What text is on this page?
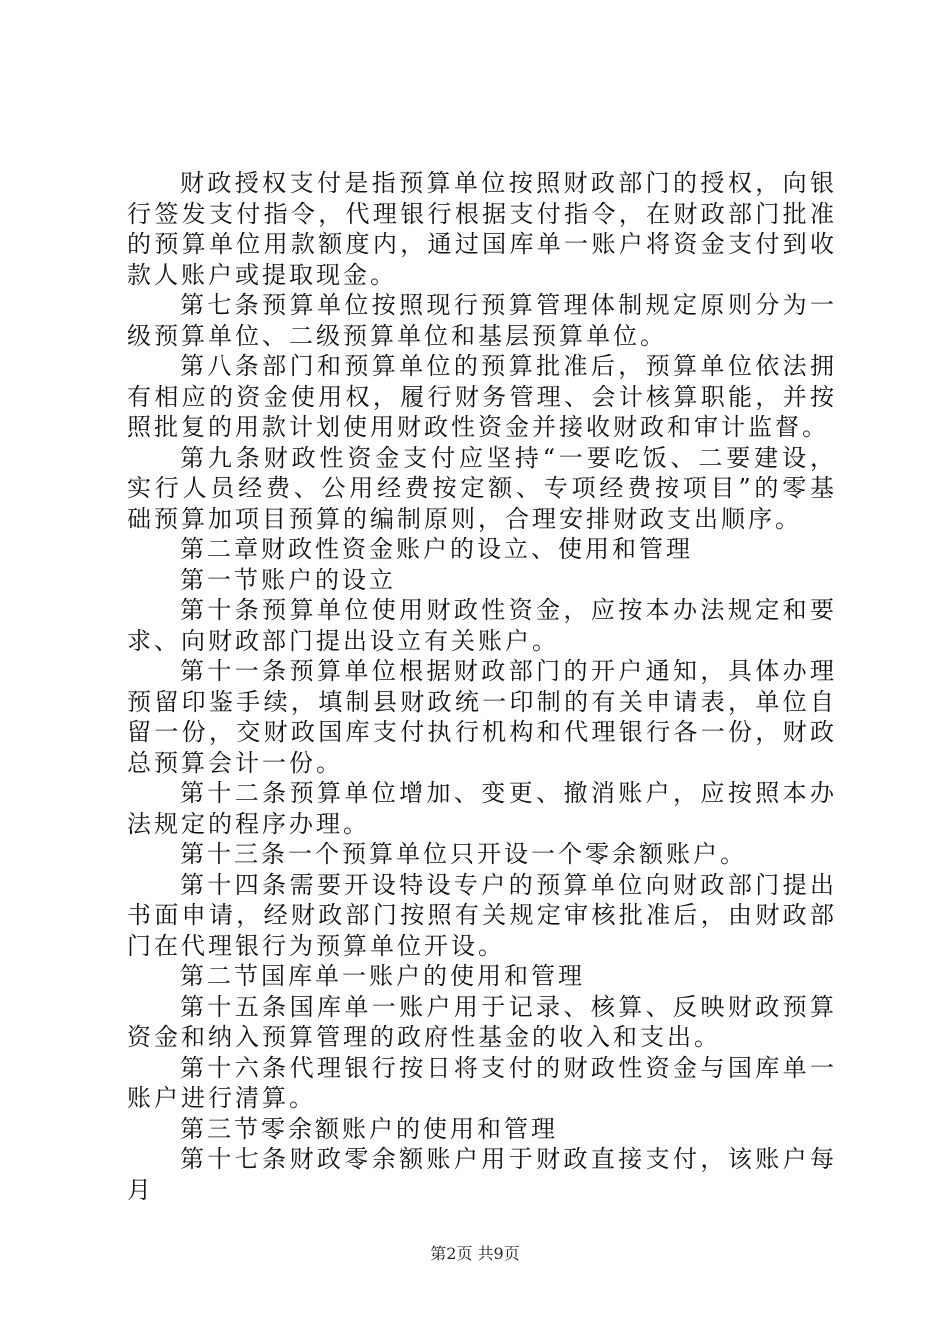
财政授权支付是指预算单位按照财政部门的授权，向银行签发支付指令，代理银行根据支付指令，在财政部门批准的预算单位用款额度内，通过国库单一账户将资金支付到收款人账户或提取现金。

第七条预算单位按照现行预算管理体制规定原则分为一级预算单位、二级预算单位和基层预算单位。

第八条部门和预算单位的预算批准后，预算单位依法拥有相应的资金使用权，履行财务管理、会计核算职能，并按照批复的用款计划使用财政性资金并接收财政和审计监督。

第九条财政性资金支付应坚持“一要吃饭、二要建设，实行人员经费、公用经费按定额、专项经费按项目”的零基础预算加项目预算的编制原则，合理安排财政支出顺序。

第二章财政性资金账户的设立、使用和管理

第一节账户的设立

第十条预算单位使用财政性资金，应按本办法规定和要求、向财政部门提出设立有关账户。

第十一条预算单位根据财政部门的开户通知，具体办理预留印鉴手续，填制县财政统一印制的有关申请表，单位自留一份，交财政国库支付执行机构和代理银行各一份，财政总预算会计一份。

第十二条预算单位增加、变更、撤消账户，应按照本办法规定的程序办理。

第十三条一个预算单位只开设一个零余额账户。

第十四条需要开设特设专户的预算单位向财政部门提出书面申请，经财政部门按照有关规定审核批准后，由财政部门在代理银行为预算单位开设。

第二节国库单一账户的使用和管理

第十五条国库单一账户用于记录、核算、反映财政预算资金和纳入预算管理的政府性基金的收入和支出。

第十六条代理银行按日将支付的财政性资金与国库单一账户进行清算。

第三节零余额账户的使用和管理

第十七条财政零余额账户用于财政直接支付，该账户每月

第2页 共9页
